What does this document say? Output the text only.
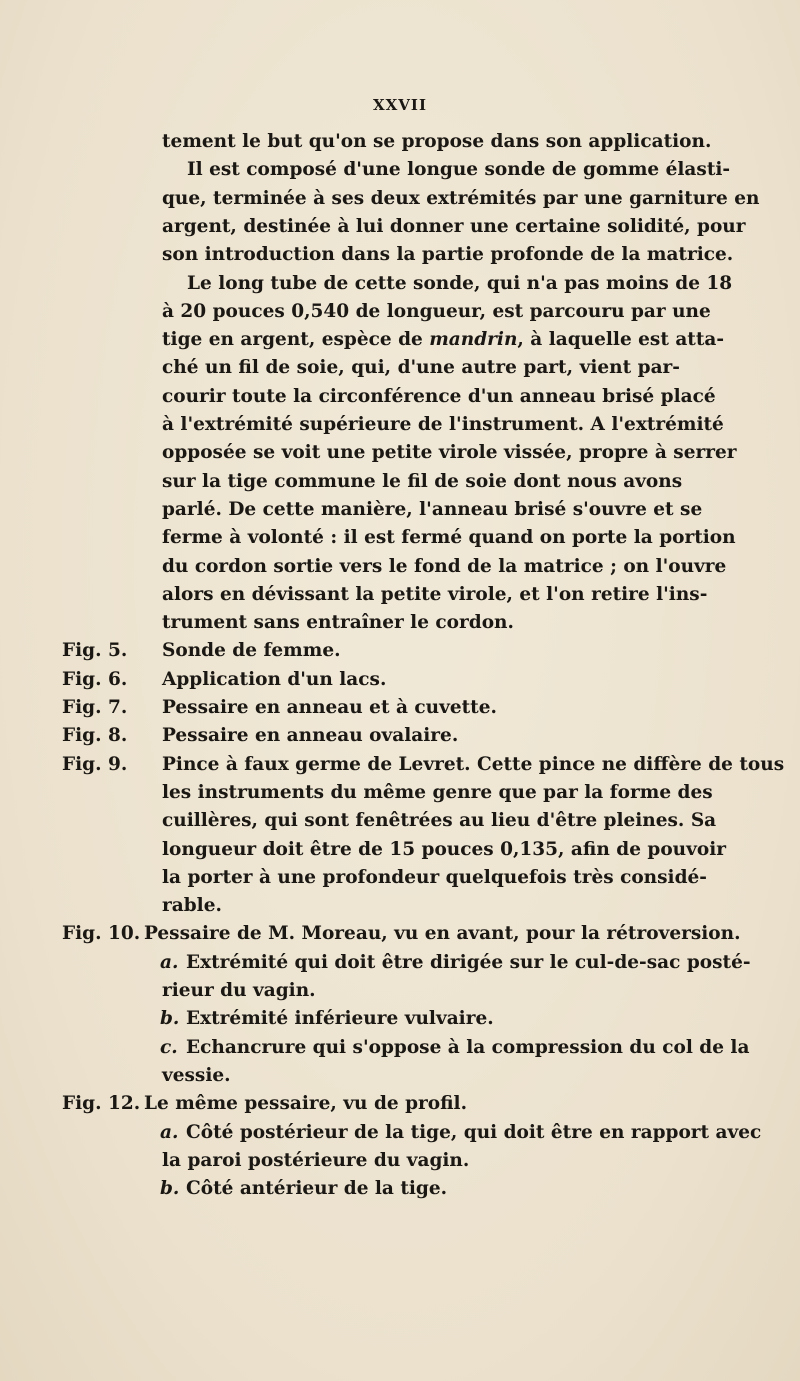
XXVII
tement le but qu'on se propose dans son application.
Il est composé d'une longue sonde de gomme élasti-
que, terminée à ses deux extrémités par une garniture en
argent, destinée à lui donner une certaine solidité, pour
son introduction dans la partie profonde de la matrice.
Le long tube de cette sonde, qui n'a pas moins de 18
à 20 pouces 0,540 de longueur, est parcouru par une
tige en argent, espèce de mandrin, à laquelle est atta-
ché un fil de soie, qui, d'une autre part, vient par-
courir toute la circonférence d'un anneau brisé placé
à l'extrémité supérieure de l'instrument. A l'extrémité
opposée se voit une petite virole vissée, propre à serrer
sur la tige commune le fil de soie dont nous avons
parlé. De cette manière, l'anneau brisé s'ouvre et se
ferme à volonté : il est fermé quand on porte la portion
du cordon sortie vers le fond de la matrice ; on l'ouvre
alors en dévissant la petite virole, et l'on retire l'ins-
trument sans entraîner le cordon.
Fig. 5.	Sonde de femme.
Fig. 6.	Application d'un lacs.
Fig. 7.	Pessaire en anneau et à cuvette.
Fig. 8.	Pessaire en anneau ovalaire.
Fig. 9.	Pince à faux germe de Levret. Cette pince ne diffère de tous
les instruments du même genre que par la forme des
cuillères, qui sont fenêtrées au lieu d'être pleines. Sa
longueur doit être de 15 pouces 0,135, afin de pouvoir
la porter à une profondeur quelquefois très considé-
rable.
Fig. 10. Pessaire de M. Moreau, vu en avant, pour la rétroversion.
a. Extrémité qui doit être dirigée sur le cul-de-sac posté-
rieur du vagin.
b. Extrémité inférieure vulvaire.
c. Echancrure qui s'oppose à la compression du col de la
vessie.
Fig. 12. Le même pessaire, vu de profil.
a. Côté postérieur de la tige, qui doit être en rapport avec
la paroi postérieure du vagin.
b. Côté antérieur de la tige.
